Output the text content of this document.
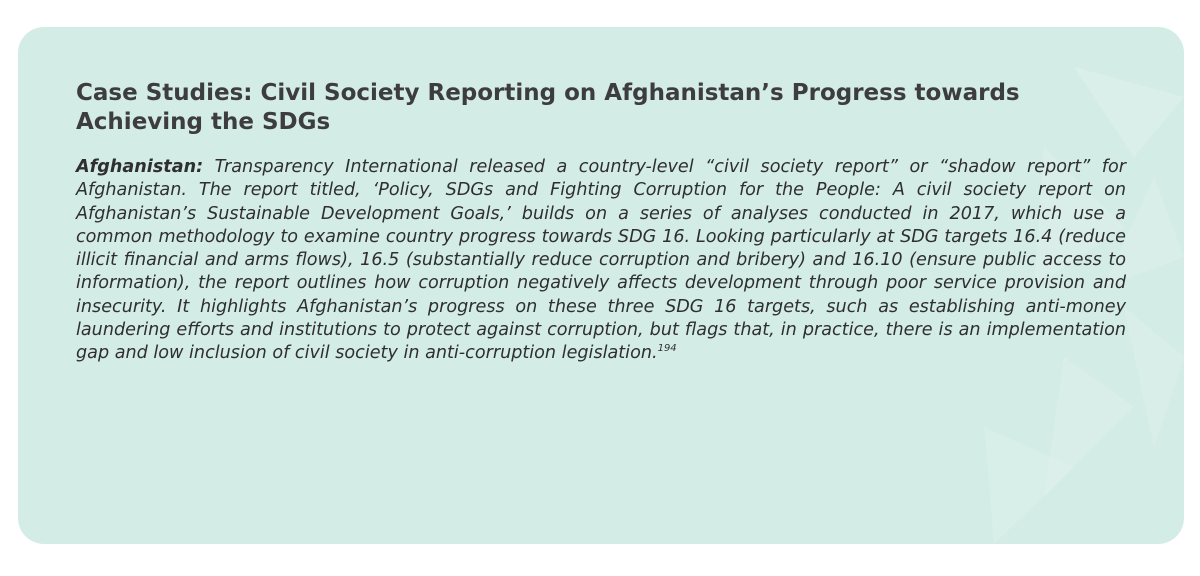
Case Studies: Civil Society Reporting on Afghanistan’s Progress towards Achieving the SDGs

Afghanistan: Transparency International released a country-level “civil society report” or “shadow report” for Afghanistan. The report titled, ‘Policy, SDGs and Fighting Corruption for the People: A civil society report on Afghanistan’s Sustainable Development Goals,’ builds on a series of analyses conducted in 2017, which use a common methodology to examine country progress towards SDG 16. Looking particularly at SDG targets 16.4 (reduce illicit financial and arms flows), 16.5 (substantially reduce corruption and bribery) and 16.10 (ensure public access to information), the report outlines how corruption negatively affects development through poor service provision and insecurity. It highlights Afghanistan’s progress on these three SDG 16 targets, such as establishing anti-money laundering efforts and institutions to protect against corruption, but flags that, in practice, there is an implementation gap and low inclusion of civil society in anti-corruption legislation.$^{194}$
